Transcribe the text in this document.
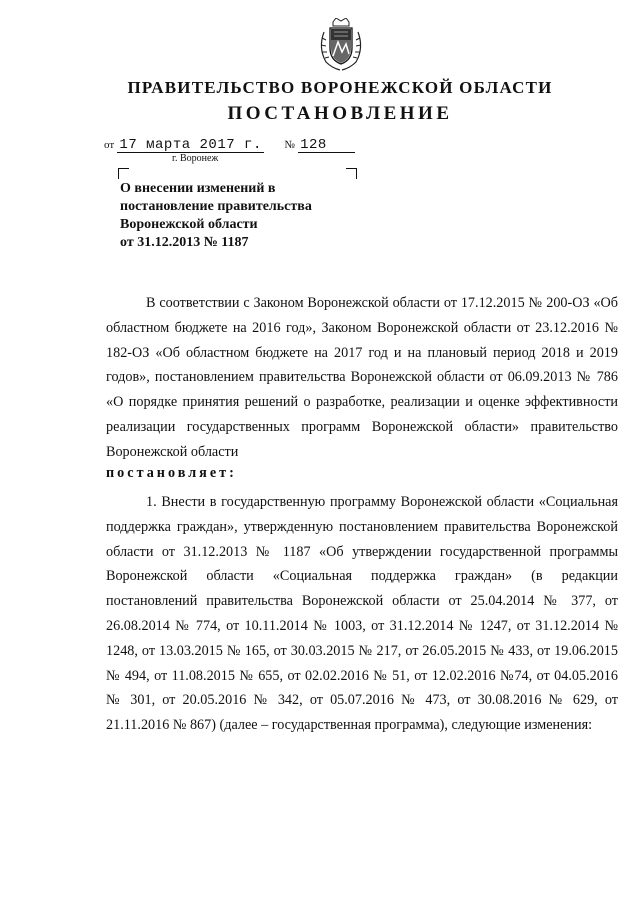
ПРАВИТЕЛЬСТВО ВОРОНЕЖСКОЙ ОБЛАСТИ
ПОСТАНОВЛЕНИЕ
от 17 марта 2017 г. № 128
г. Воронеж
О внесении изменений в
постановление правительства
Воронежской области
от 31.12.2013 № 1187
В соответствии с Законом Воронежской области от 17.12.2015 № 200-ОЗ «Об областном бюджете на 2016 год», Законом Воронежской области от 23.12.2016 № 182-ОЗ «Об областном бюджете на 2017 год и на плановый период 2018 и 2019 годов», постановлением правительства Воронежской области от 06.09.2013 № 786 «О порядке принятия решений о разработке, реализации и оценке эффективности реализации государственных программ Воронежской области» правительство Воронежской области
постановляет:
1. Внести в государственную программу Воронежской области «Социальная поддержка граждан», утвержденную постановлением правительства Воронежской области от 31.12.2013 № 1187 «Об утверждении государственной программы Воронежской области «Социальная поддержка граждан» (в редакции постановлений правительства Воронежской области от 25.04.2014 № 377, от 26.08.2014 № 774, от 10.11.2014 № 1003, от 31.12.2014 № 1247, от 31.12.2014 № 1248, от 13.03.2015 № 165, от 30.03.2015 № 217, от 26.05.2015 № 433, от 19.06.2015 № 494, от 11.08.2015 № 655, от 02.02.2016 № 51, от 12.02.2016 №74, от 04.05.2016 № 301, от 20.05.2016 № 342, от 05.07.2016 № 473, от 30.08.2016 № 629, от 21.11.2016 № 867) (далее – государственная программа), следующие изменения:
